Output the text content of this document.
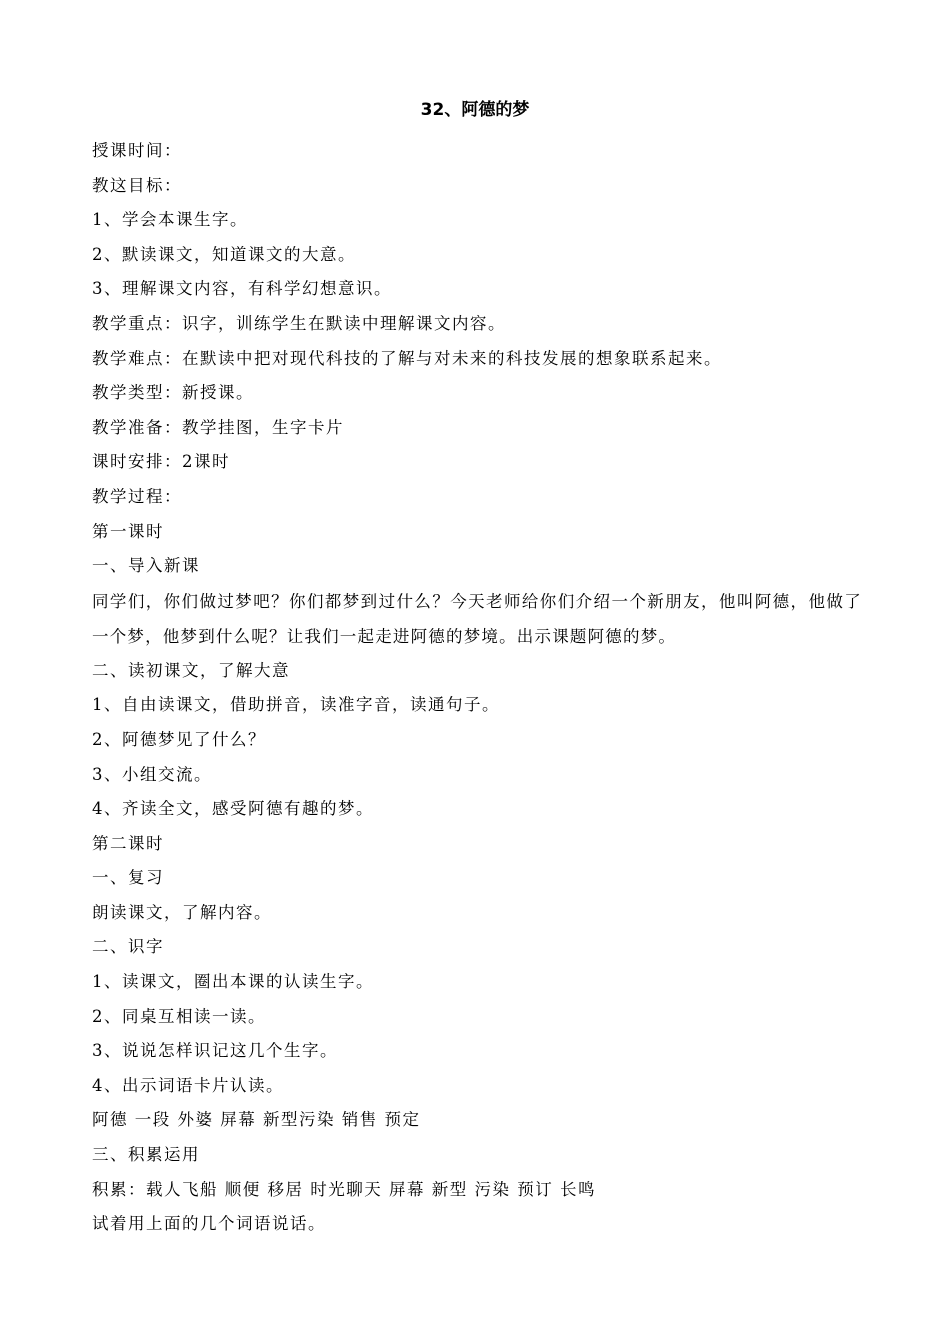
32、阿德的梦
授课时间：
教这目标：
1、学会本课生字。
2、默读课文，知道课文的大意。
3、理解课文内容，有科学幻想意识。
教学重点：识字，训练学生在默读中理解课文内容。
教学难点：在默读中把对现代科技的了解与对未来的科技发展的想象联系起来。
教学类型：新授课。
教学准备：教学挂图，生字卡片
课时安排：2课时
教学过程：
第一课时
一、导入新课
同学们，你们做过梦吧？你们都梦到过什么？今天老师给你们介绍一个新朋友，他叫阿德，他做了一个梦，他梦到什么呢？让我们一起走进阿德的梦境。出示课题阿德的梦。
二、读初课文，了解大意
1、自由读课文，借助拼音，读准字音，读通句子。
2、阿德梦见了什么？
3、小组交流。
4、齐读全文，感受阿德有趣的梦。
第二课时
一、复习
朗读课文，了解内容。
二、识字
1、读课文，圈出本课的认读生字。
2、同桌互相读一读。
3、说说怎样识记这几个生字。
4、出示词语卡片认读。
阿德 一段 外婆 屏幕 新型污染 销售 预定
三、积累运用
积累：载人飞船 顺便 移居 时光聊天 屏幕 新型 污染 预订 长鸣
试着用上面的几个词语说话。
